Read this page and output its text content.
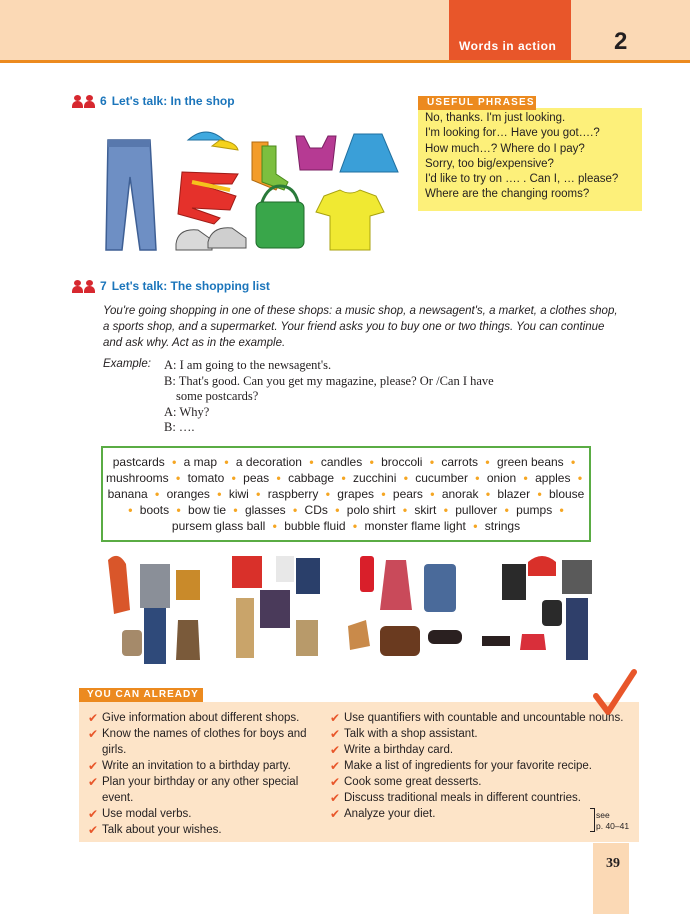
Words in action 2
6 Let's talk: In the shop	USEFUL PHRASES
No, thanks. I'm just looking.
I'm looking for… Have you got….?
How much…? Where do I pay?
Sorry, too big/expensive?
I'd like to try on …. . Can I, … please?
Where are the changing rooms?
7 Let's talk: The shopping list

You're going shopping in one of these shops: a music shop, a newsagent's, a market, a clothes shop, a sports shop, and a supermarket. Your friend asks you to buy one or two things. You can continue and ask why. Act as in the example.

Example: A: I am going to the newsagent's.
B: That's good. Can you get my magazine, please? Or /Can I have
some postcards?
A: Why?
B: ….
pastcards • a map • a decoration • candles • broccoli • carrots • green beans • mushrooms • tomato • peas • cabbage • zucchini • cucumber • onion • apples • banana • oranges • kiwi • raspberry • grapes • pears • anorak • blazer • blouse • boots • bow tie • glasses • CDs • polo shirt • skirt • pullover • pumps • pursem glass ball • bubble fluid • monster flame light • strings
YOU CAN ALREADY
✔ Give information about different shops.
✔ Know the names of clothes for boys and girls.
✔ Write an invitation to a birthday party.
✔ Plan your birthday or any other special event.
✔ Use modal verbs.
✔ Talk about your wishes.
✔ Use quantifiers with countable and uncountable nouns.
✔ Talk with a shop assistant.
✔ Write a birthday card.
✔ Make a list of ingredients for your favorite recipe.
✔ Cook some great desserts.
✔ Discuss traditional meals in different countries.
✔ Analyze your diet.	see
p. 40–41
39
